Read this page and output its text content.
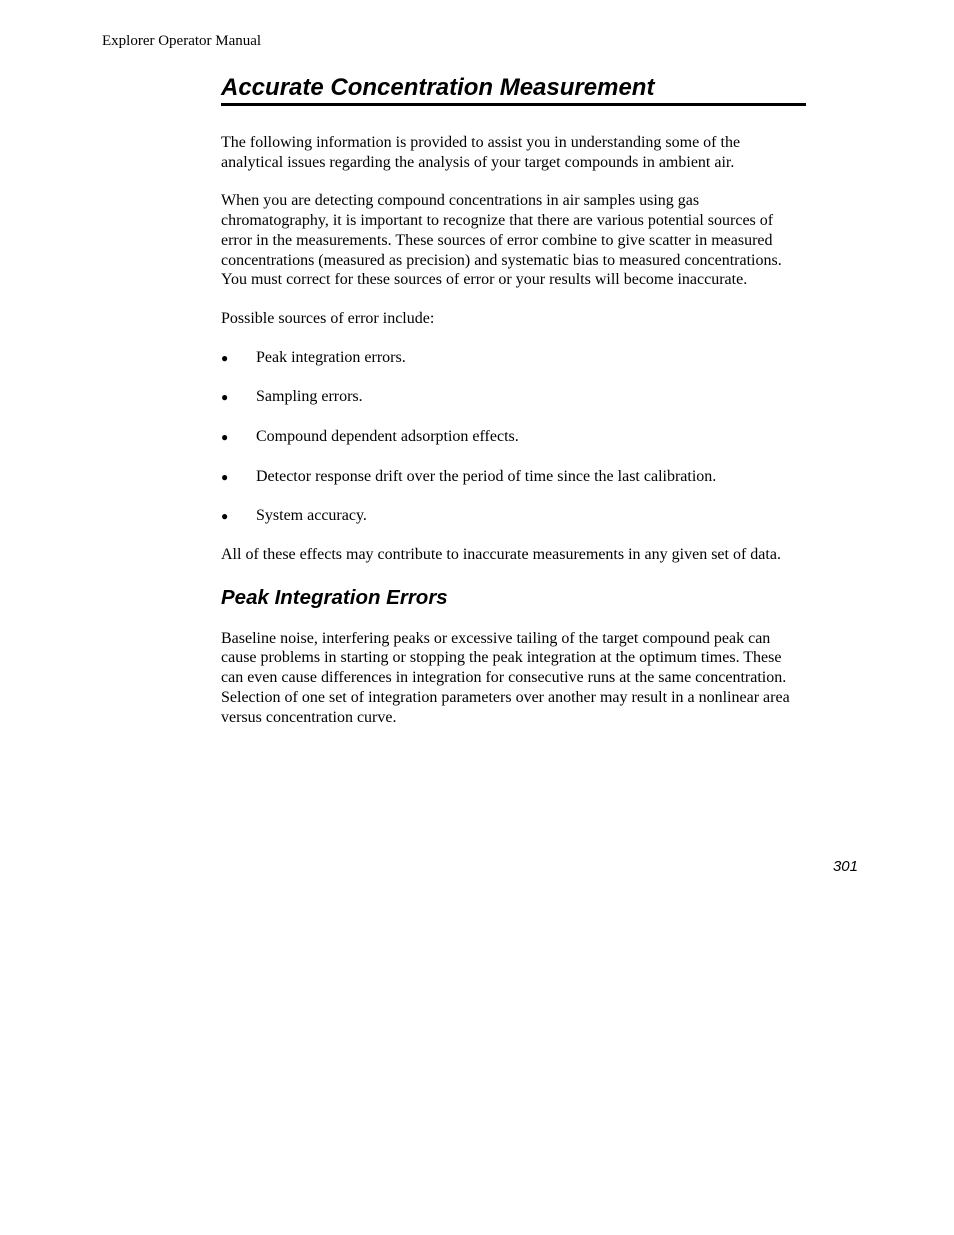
Explorer Operator Manual
Accurate Concentration Measurement

The following information is provided to assist you in understanding some of the analytical issues regarding the analysis of your target compounds in ambient air.

When you are detecting compound concentrations in air samples using gas chromatography, it is important to recognize that there are various potential sources of error in the measurements. These sources of error combine to give scatter in measured concentrations (measured as precision) and systematic bias to measured concentrations. You must correct for these sources of error or your results will become inaccurate.

Possible sources of error include:

●	Peak integration errors.
●	Sampling errors.
●	Compound dependent adsorption effects.
●	Detector response drift over the period of time since the last calibration.
●	System accuracy.

All of these effects may contribute to inaccurate measurements in any given set of data.

Peak Integration Errors

Baseline noise, interfering peaks or excessive tailing of the target compound peak can cause problems in starting or stopping the peak integration at the optimum times. These can even cause differences in integration for consecutive runs at the same concentration. Selection of one set of integration parameters over another may result in a nonlinear area versus concentration curve.

301
